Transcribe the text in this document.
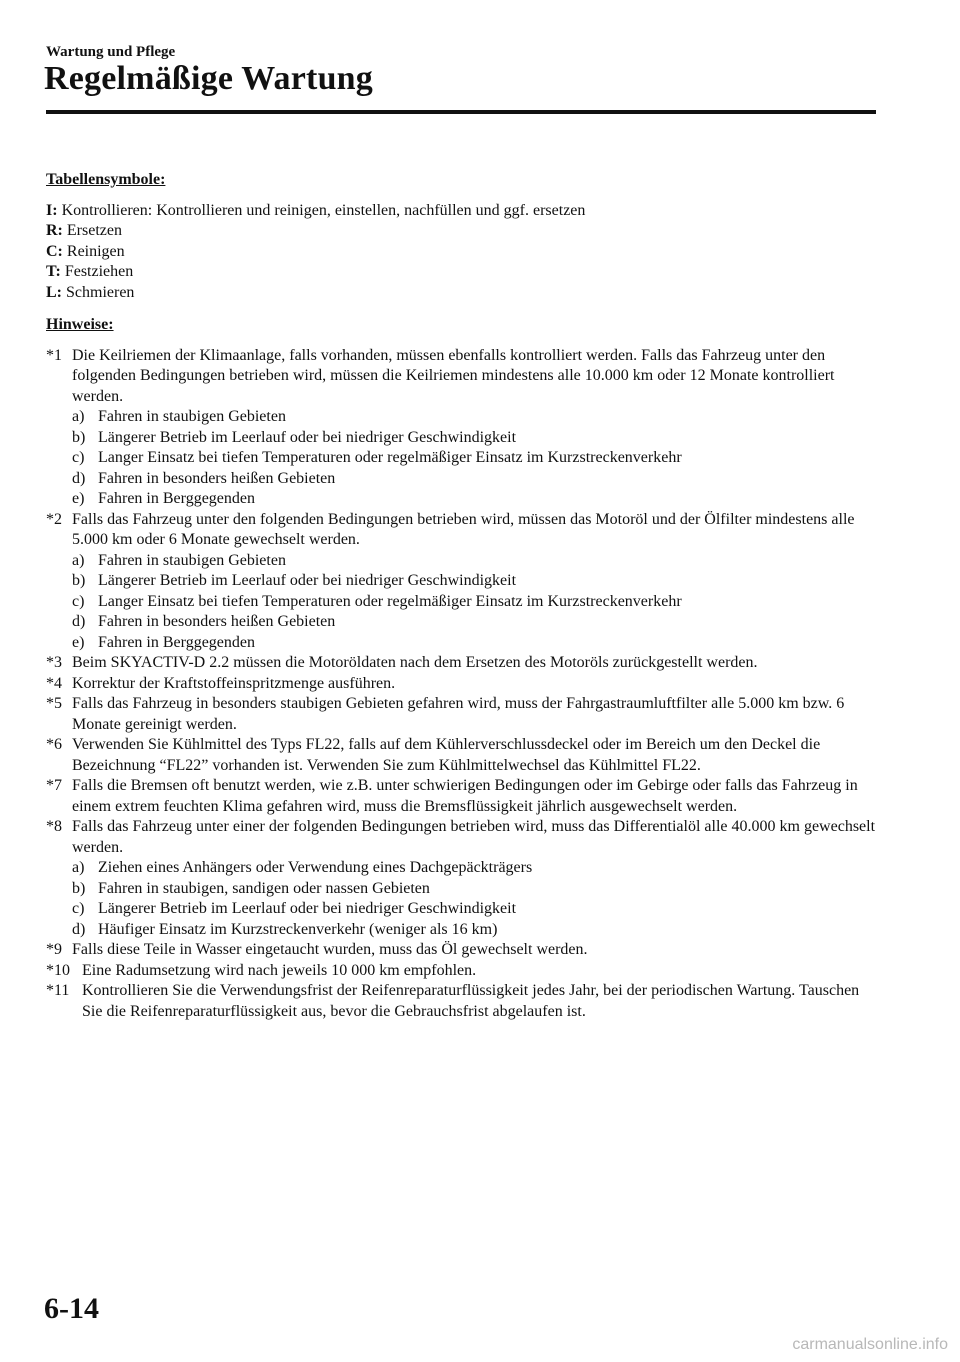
Wartung und Pflege
Regelmäßige Wartung
Tabellensymbole:
I: Kontrollieren: Kontrollieren und reinigen, einstellen, nachfüllen und ggf. ersetzen
R: Ersetzen
C: Reinigen
T: Festziehen
L: Schmieren
Hinweise:
*1 Die Keilriemen der Klimaanlage, falls vorhanden, müssen ebenfalls kontrolliert werden. Falls das Fahrzeug unter den folgenden Bedingungen betrieben wird, müssen die Keilriemen mindestens alle 10.000 km oder 12 Monate kontrolliert werden.
a) Fahren in staubigen Gebieten
b) Längerer Betrieb im Leerlauf oder bei niedriger Geschwindigkeit
c) Langer Einsatz bei tiefen Temperaturen oder regelmäßiger Einsatz im Kurzstreckenverkehr
d) Fahren in besonders heißen Gebieten
e) Fahren in Berggegenden
*2 Falls das Fahrzeug unter den folgenden Bedingungen betrieben wird, müssen das Motoröl und der Ölfilter mindestens alle 5.000 km oder 6 Monate gewechselt werden.
a) Fahren in staubigen Gebieten
b) Längerer Betrieb im Leerlauf oder bei niedriger Geschwindigkeit
c) Langer Einsatz bei tiefen Temperaturen oder regelmäßiger Einsatz im Kurzstreckenverkehr
d) Fahren in besonders heißen Gebieten
e) Fahren in Berggegenden
*3 Beim SKYACTIV-D 2.2 müssen die Motoröldaten nach dem Ersetzen des Motoröls zurückgestellt werden.
*4 Korrektur der Kraftstoffeinspritzmenge ausführen.
*5 Falls das Fahrzeug in besonders staubigen Gebieten gefahren wird, muss der Fahrgastraumluftfilter alle 5.000 km bzw. 6 Monate gereinigt werden.
*6 Verwenden Sie Kühlmittel des Typs FL22, falls auf dem Kühlerverschlussdeckel oder im Bereich um den Deckel die Bezeichnung “FL22” vorhanden ist. Verwenden Sie zum Kühlmittelwechsel das Kühlmittel FL22.
*7 Falls die Bremsen oft benutzt werden, wie z.B. unter schwierigen Bedingungen oder im Gebirge oder falls das Fahrzeug in einem extrem feuchten Klima gefahren wird, muss die Bremsflüssigkeit jährlich ausgewechselt werden.
*8 Falls das Fahrzeug unter einer der folgenden Bedingungen betrieben wird, muss das Differentialöl alle 40.000 km gewechselt werden.
a) Ziehen eines Anhängers oder Verwendung eines Dachgepäckträgers
b) Fahren in staubigen, sandigen oder nassen Gebieten
c) Längerer Betrieb im Leerlauf oder bei niedriger Geschwindigkeit
d) Häufiger Einsatz im Kurzstreckenverkehr (weniger als 16 km)
*9 Falls diese Teile in Wasser eingetaucht wurden, muss das Öl gewechselt werden.
*10 Eine Radumsetzung wird nach jeweils 10 000 km empfohlen.
*11 Kontrollieren Sie die Verwendungsfrist der Reifenreparaturflüssigkeit jedes Jahr, bei der periodischen Wartung. Tauschen Sie die Reifenreparaturflüssigkeit aus, bevor die Gebrauchsfrist abgelaufen ist.
6-14
carmanualsonline.info
